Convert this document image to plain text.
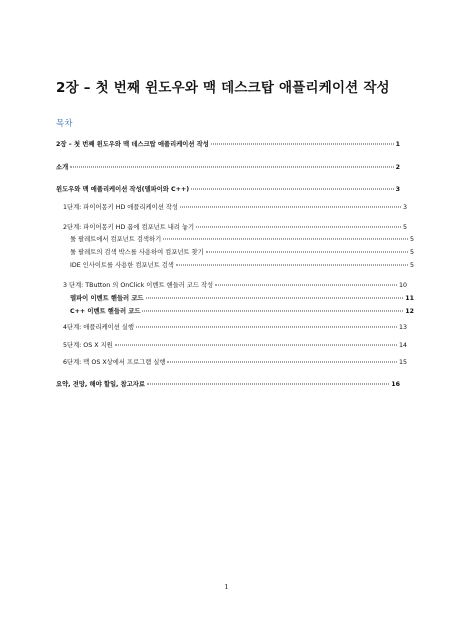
2장 – 첫 번째 윈도우와 맥 데스크탑 애플리케이션 작성
목차
2장 – 첫 번째 윈도우와 맥 데스크탑 애플리케이션 작성	1
소개	2
윈도우와 맥 애플리케이션 작성(델파이와 C++)	3
1단계: 파이어몽키 HD 애플리케이션 작성	3
2단계: 파이어몽키 HD 폼에 컴포넌트 내려 놓기	5
툴 팔레트에서 컴포넌트 검색하기	5
툴 팔레트의 검색 박스를 사용하여 컴포넌트 찾기	5
IDE 인사이트를 사용한 컴포넌트 검색	5
3 단계: TButton 의 OnClick 이벤트 핸들러 코드 작성	10
델파이 이벤트 핸들러 코드	11
C++ 이벤트 핸들러 코드	12
4단계: 애플리케이션 실행	13
5단계: OS X 지원	14
6단계: 맥 OS X상에서 프로그램 실행	15
요약, 전망, 해야 할일, 참고자료	16
1
